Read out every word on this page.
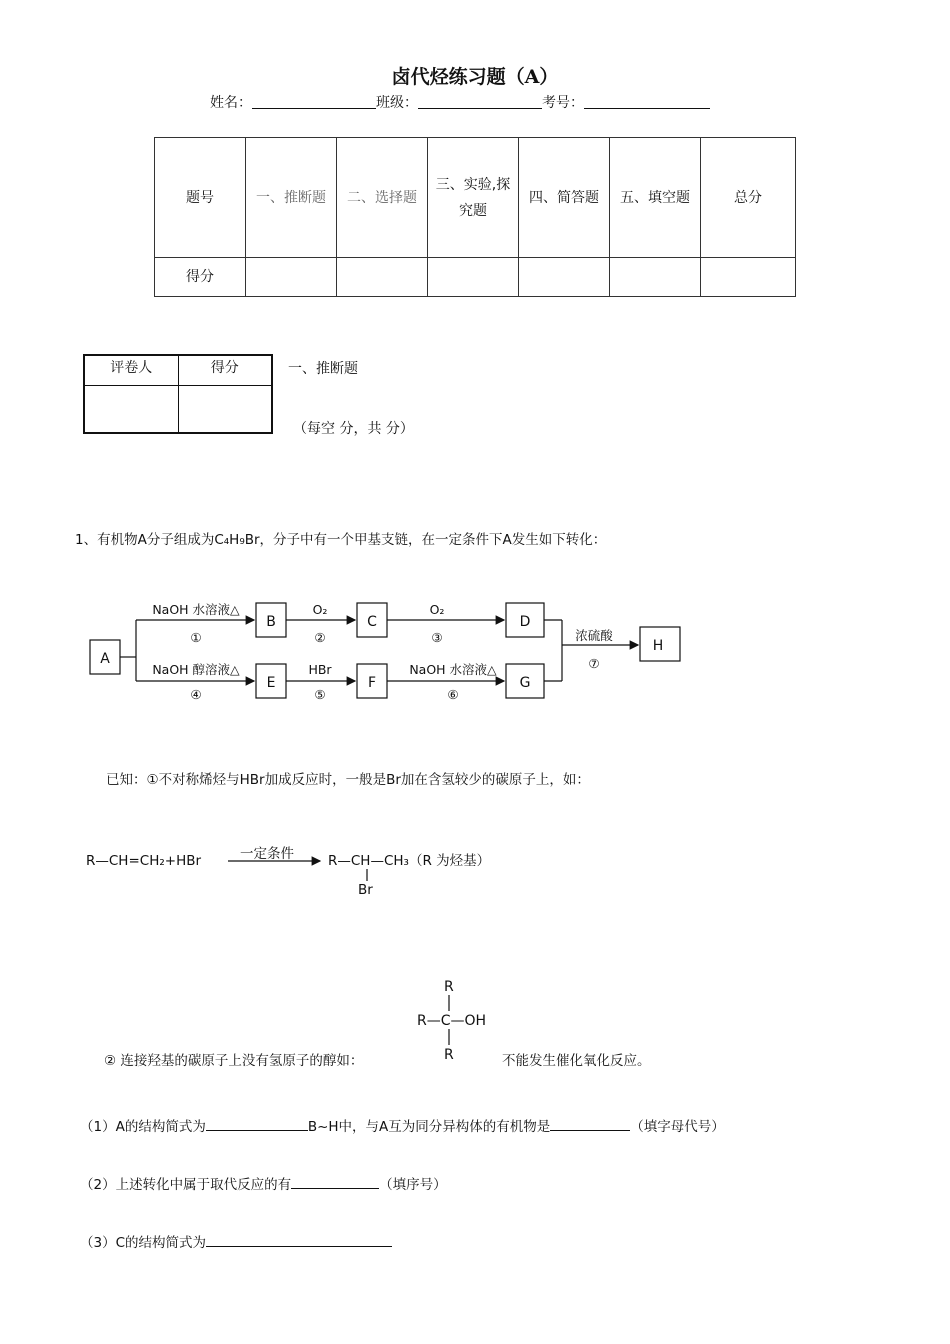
卤代烃练习题（A）
姓名：	班级：	考号：
题号	一、推断题	二、选择题	三、实验,探究题	四、简答题	五、填空题	总分
得分						
评卷人	得分
		一、推断题
（每空 分，共 分）
1、有机物A分子组成为C₄H₉Br，分子中有一个甲基支链，在一定条件下A发生如下转化：
A
B	C	D
E	F	G
H
NaOH 水溶液△
①
O₂
②
O₂
③
NaOH 醇溶液△
④
HBr
⑤
NaOH 水溶液△
⑥
浓硫酸
⑦
已知：①不对称烯烃与HBr加成反应时，一般是Br加在含氢较少的碳原子上，如：
R—CH=CH₂+HBr	一定条件	R—CH—CH₃（R 为烃基）
Br
R
R—C—OH
R
② 连接羟基的碳原子上没有氢原子的醇如：	不能发生催化氧化反应。
（1）A的结构简式为	B~H中，与A互为同分异构体的有机物是	（填字母代号）
（2）上述转化中属于取代反应的有	（填序号）
（3）C的结构简式为
